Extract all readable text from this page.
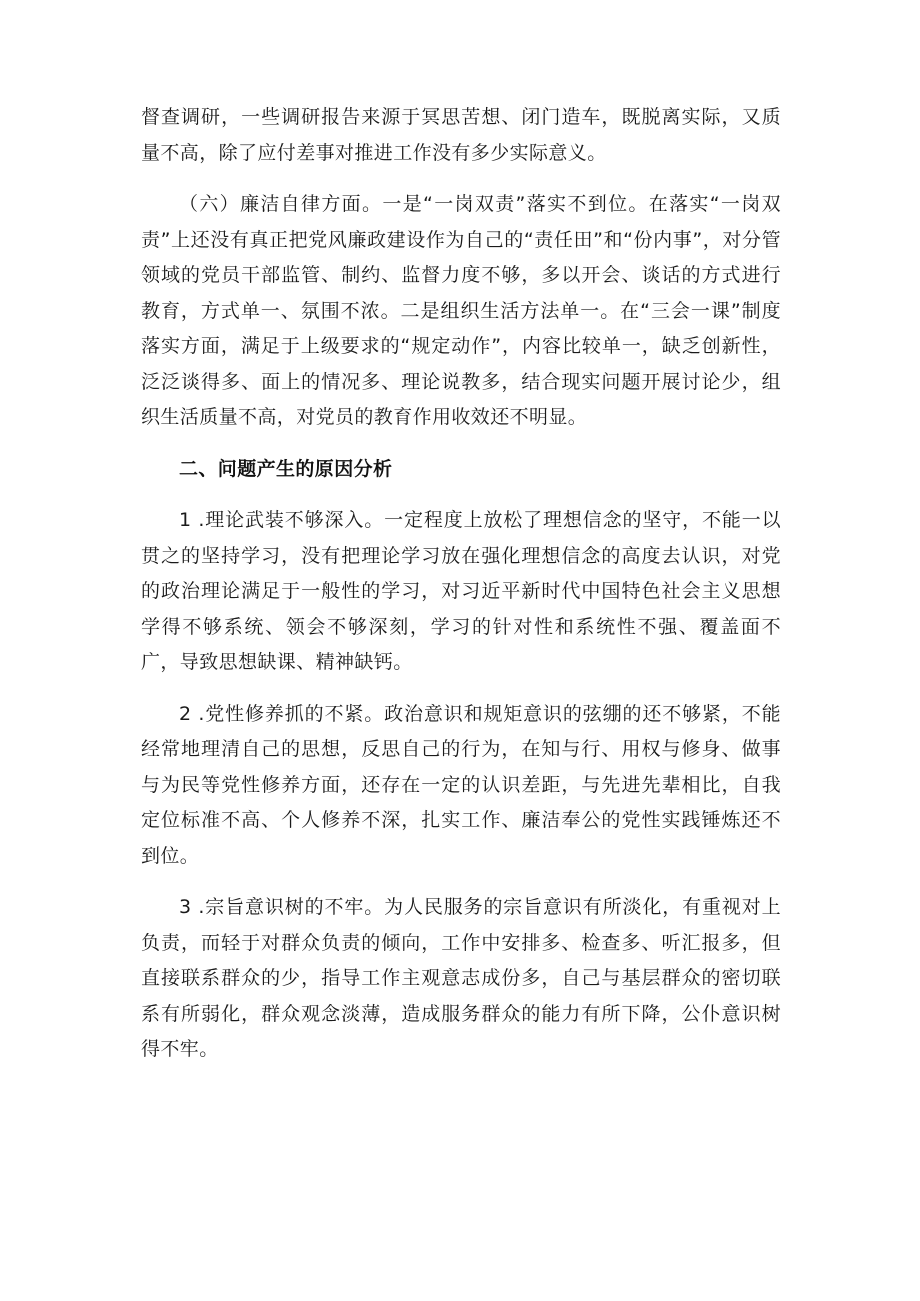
督查调研，一些调研报告来源于冥思苦想、闭门造车，既脱离实际，又质量不高，除了应付差事对推进工作没有多少实际意义。

（六）廉洁自律方面。一是“一岗双责”落实不到位。在落实“一岗双责”上还没有真正把党风廉政建设作为自己的“责任田”和“份内事”，对分管领域的党员干部监管、制约、监督力度不够，多以开会、谈话的方式进行教育，方式单一、氛围不浓。二是组织生活方法单一。在“三会一课”制度落实方面，满足于上级要求的“规定动作”，内容比较单一，缺乏创新性，泛泛谈得多、面上的情况多、理论说教多，结合现实问题开展讨论少，组织生活质量不高，对党员的教育作用收效还不明显。

二、问题产生的原因分析

1 .理论武装不够深入。一定程度上放松了理想信念的坚守，不能一以贯之的坚持学习，没有把理论学习放在强化理想信念的高度去认识，对党的政治理论满足于一般性的学习，对习近平新时代中国特色社会主义思想学得不够系统、领会不够深刻，学习的针对性和系统性不强、覆盖面不广，导致思想缺课、精神缺钙。

2 .党性修养抓的不紧。政治意识和规矩意识的弦绷的还不够紧，不能经常地理清自己的思想，反思自己的行为，在知与行、用权与修身、做事与为民等党性修养方面，还存在一定的认识差距，与先进先辈相比，自我定位标准不高、个人修养不深，扎实工作、廉洁奉公的党性实践锤炼还不到位。

3 .宗旨意识树的不牢。为人民服务的宗旨意识有所淡化，有重视对上负责，而轻于对群众负责的倾向，工作中安排多、检查多、听汇报多，但直接联系群众的少，指导工作主观意志成份多，自己与基层群众的密切联系有所弱化，群众观念淡薄，造成服务群众的能力有所下降，公仆意识树得不牢。
